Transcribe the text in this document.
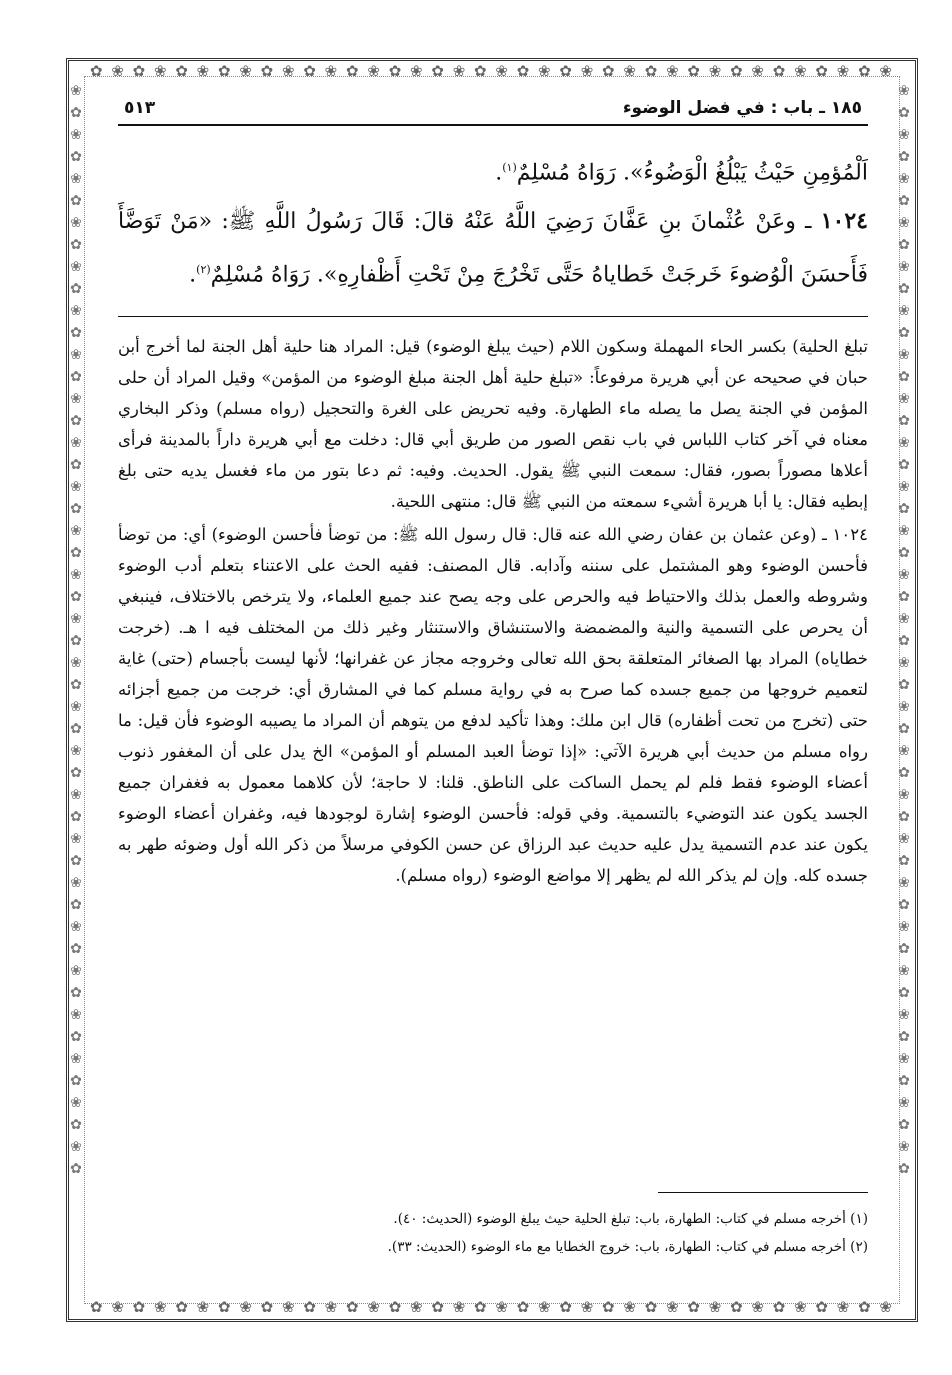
✿ ❀ ✿ ❀ ✿ ❀ ✿ ❀ ✿ ❀ ✿ ❀ ✿ ❀ ✿ ❀ ✿ ❀ ✿ ❀ ✿ ❀ ✿ ❀ ✿ ❀ ✿ ❀ ✿ ❀ ✿ ❀ ✿ ❀ ✿ ❀ ✿ ❀
✿ ❀ ✿ ❀ ✿ ❀ ✿ ❀ ✿ ❀ ✿ ❀ ✿ ❀ ✿ ❀ ✿ ❀ ✿ ❀ ✿ ❀ ✿ ❀ ✿ ❀ ✿ ❀ ✿ ❀ ✿ ❀ ✿ ❀ ✿ ❀ ✿ ❀
❀ ✿ ❀ ✿ ❀ ✿ ❀ ✿ ❀ ✿ ❀ ✿ ❀ ✿ ❀ ✿ ❀ ✿ ❀ ✿ ❀ ✿ ❀ ✿ ❀ ✿ ❀ ✿ ❀ ✿ ❀ ✿ ❀ ✿ ❀ ✿ ❀ ✿ ❀ ✿ ❀ ✿ ❀ ✿ ❀ ✿ ❀ ✿ ❀ ✿
❀ ✿ ❀ ✿ ❀ ✿ ❀ ✿ ❀ ✿ ❀ ✿ ❀ ✿ ❀ ✿ ❀ ✿ ❀ ✿ ❀ ✿ ❀ ✿ ❀ ✿ ❀ ✿ ❀ ✿ ❀ ✿ ❀ ✿ ❀ ✿ ❀ ✿ ❀ ✿ ❀ ✿ ❀ ✿ ❀ ✿ ❀ ✿ ❀ ✿
١٨٥ ـ باب : في فضل الوضوء
٥١٣
اَلْمُؤمِنِ حَيْثُ يَبْلُغُ الْوَضُوءُ». رَوَاهُ مُسْلِمٌ$^{(١)}$.
١٠٢٤ ـ وعَنْ عُثْمانَ بنِ عَفَّانَ رَضِيَ اللَّهُ عَنْهُ قالَ: قَالَ رَسُولُ اللَّهِ ﷺ: «مَنْ تَوَضَّأَ فَأَحسَنَ الْوُضوءَ خَرجَتْ خَطاياهُ حَتَّى تَخْرُجَ مِنْ تَحْتِ أَظْفارِهِ». رَوَاهُ مُسْلِمٌ$^{(٢)}$.

تبلغ الحلية) بكسر الحاء المهملة وسكون اللام (حيث يبلغ الوضوء) قيل: المراد هنا حلية أهل الجنة لما أخرج أبن حبان في صحيحه عن أبي هريرة مرفوعاً: «تبلغ حلية أهل الجنة مبلغ الوضوء من المؤمن» وقيل المراد أن حلى المؤمن في الجنة يصل ما يصله ماء الطهارة. وفيه تحريض على الغرة والتحجيل (رواه مسلم) وذكر البخاري معناه في آخر كتاب اللباس في باب نقص الصور من طريق أبي قال: دخلت مع أبي هريرة داراً بالمدينة فرأى أعلاها مصوراً بصور، فقال: سمعت النبي ﷺ يقول. الحديث. وفيه: ثم دعا بتور من ماء فغسل يديه حتى بلغ إبطيه فقال: يا أبا هريرة أشيء سمعته من النبي ﷺ قال: منتهى اللحية.

١٠٢٤ ـ (وعن عثمان بن عفان رضي الله عنه قال: قال رسول الله ﷺ: من توضأ فأحسن الوضوء) أي: من توضأ فأحسن الوضوء وهو المشتمل على سننه وآدابه. قال المصنف: ففيه الحث على الاعتناء بتعلم أدب الوضوء وشروطه والعمل بذلك والاحتياط فيه والحرص على وجه يصح عند جميع العلماء، ولا يترخص بالاختلاف، فينبغي أن يحرص على التسمية والنية والمضمضة والاستنشاق والاستنثار وغير ذلك من المختلف فيه ا هـ. (خرجت خطاياه) المراد بها الصغائر المتعلقة بحق الله تعالى وخروجه مجاز عن غفرانها؛ لأنها ليست بأجسام (حتى) غاية لتعميم خروجها من جميع جسده كما صرح به في رواية مسلم كما في المشارق أي: خرجت من جميع أجزائه حتى (تخرج من تحت أظفاره) قال ابن ملك: وهذا تأكيد لدفع من يتوهم أن المراد ما يصيبه الوضوء فأن قيل: ما رواه مسلم من حديث أبي هريرة الآتي: «إذا توضأ العبد المسلم أو المؤمن» الخ يدل على أن المغفور ذنوب أعضاء الوضوء فقط فلم لم يحمل الساكت على الناطق. قلنا: لا حاجة؛ لأن كلاهما معمول به فغفران جميع الجسد يكون عند التوضيء بالتسمية. وفي قوله: فأحسن الوضوء إشارة لوجودها فيه، وغفران أعضاء الوضوء يكون عند عدم التسمية يدل عليه حديث عبد الرزاق عن حسن الكوفي مرسلاً من ذكر الله أول وضوئه طهر به جسده كله. وإن لم يذكر الله لم يظهر إلا مواضع الوضوء (رواه مسلم).

(١) أخرجه مسلم في كتاب: الطهارة، باب: تبلغ الحلية حيث يبلغ الوضوء (الحديث: ٤٠).
(٢) أخرجه مسلم في كتاب: الطهارة، باب: خروج الخطايا مع ماء الوضوء (الحديث: ٣٣).
